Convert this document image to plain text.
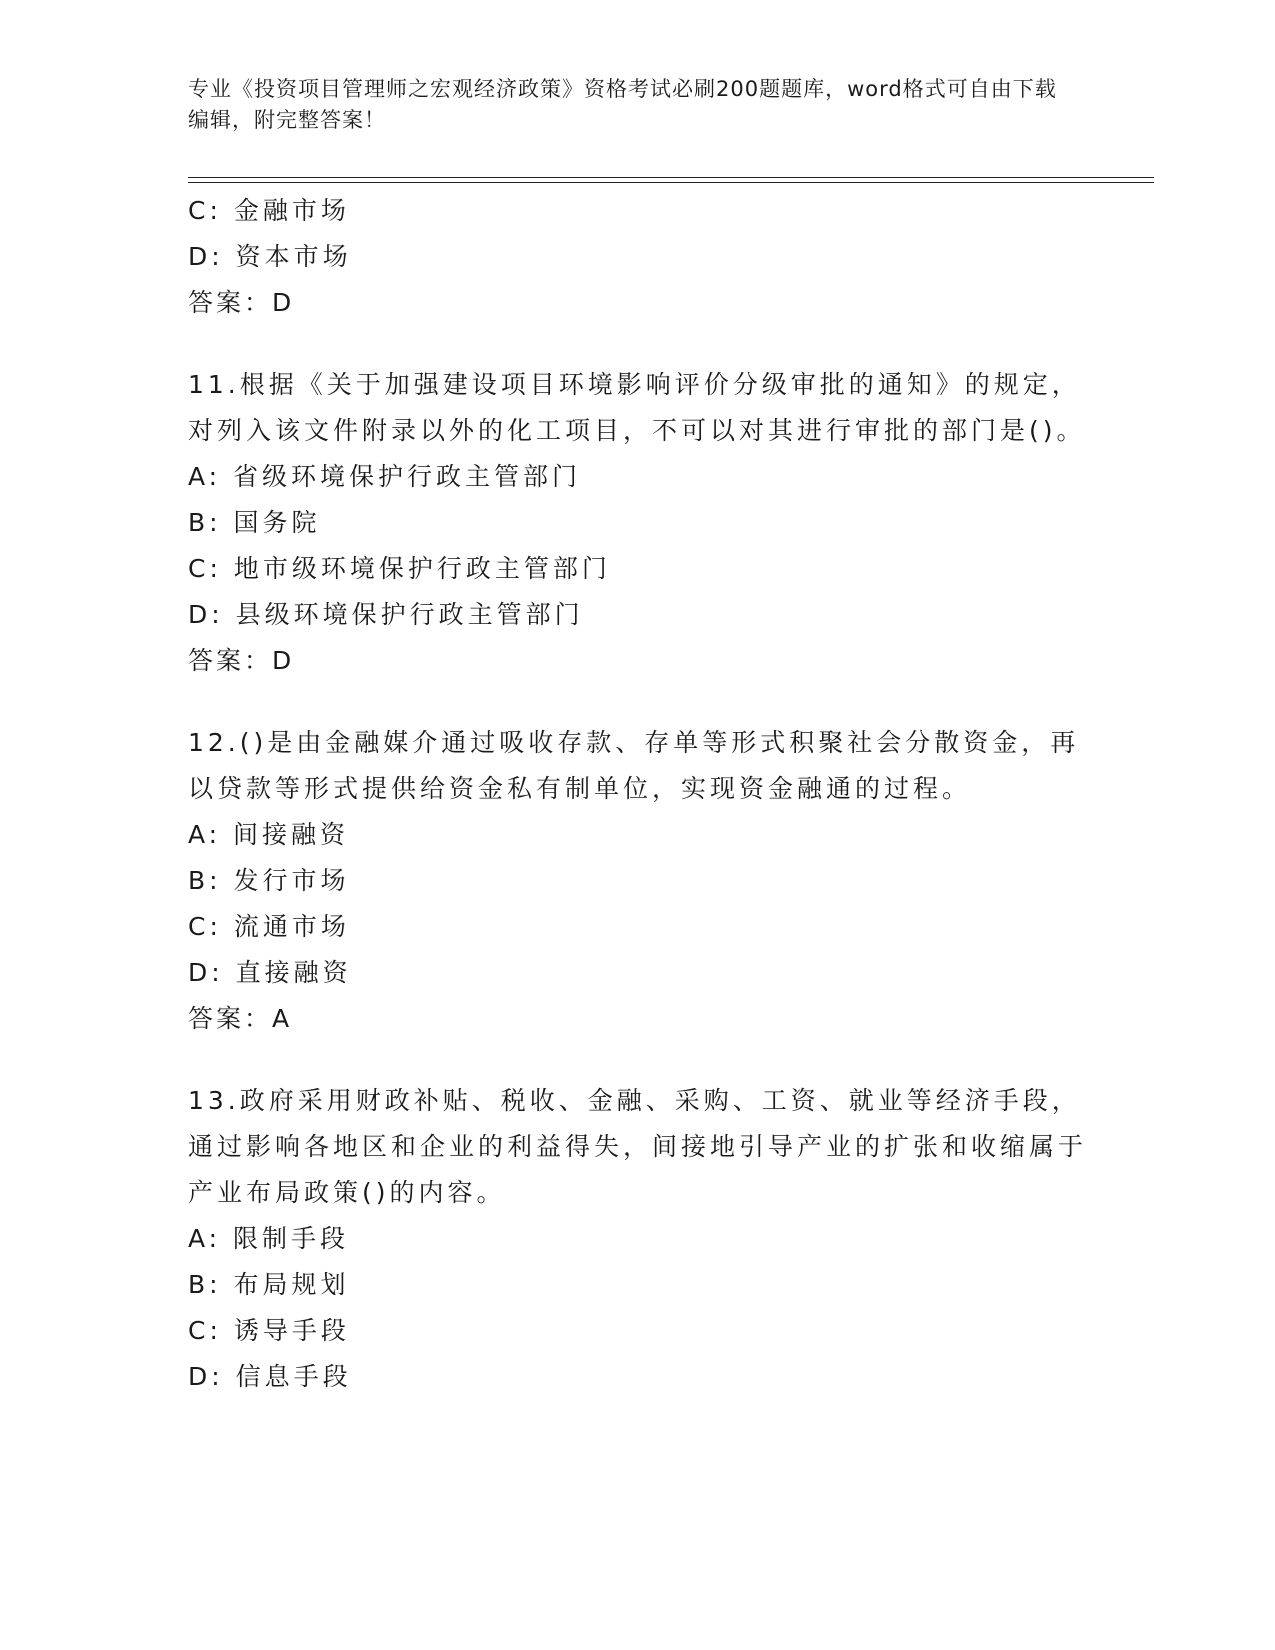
专业《投资项目管理师之宏观经济政策》资格考试必刷200题题库，word格式可自由下载编辑，附完整答案！
C: 金融市场
D: 资本市场
答案：D
11.根据《关于加强建设项目环境影响评价分级审批的通知》的规定，对列入该文件附录以外的化工项目，不可以对其进行审批的部门是()。
A: 省级环境保护行政主管部门
B: 国务院
C: 地市级环境保护行政主管部门
D: 县级环境保护行政主管部门
答案：D
12.()是由金融媒介通过吸收存款、存单等形式积聚社会分散资金，再以贷款等形式提供给资金私有制单位，实现资金融通的过程。
A: 间接融资
B: 发行市场
C: 流通市场
D: 直接融资
答案：A
13.政府采用财政补贴、税收、金融、采购、工资、就业等经济手段，通过影响各地区和企业的利益得失，间接地引导产业的扩张和收缩属于产业布局政策()的内容。
A: 限制手段
B: 布局规划
C: 诱导手段
D: 信息手段
